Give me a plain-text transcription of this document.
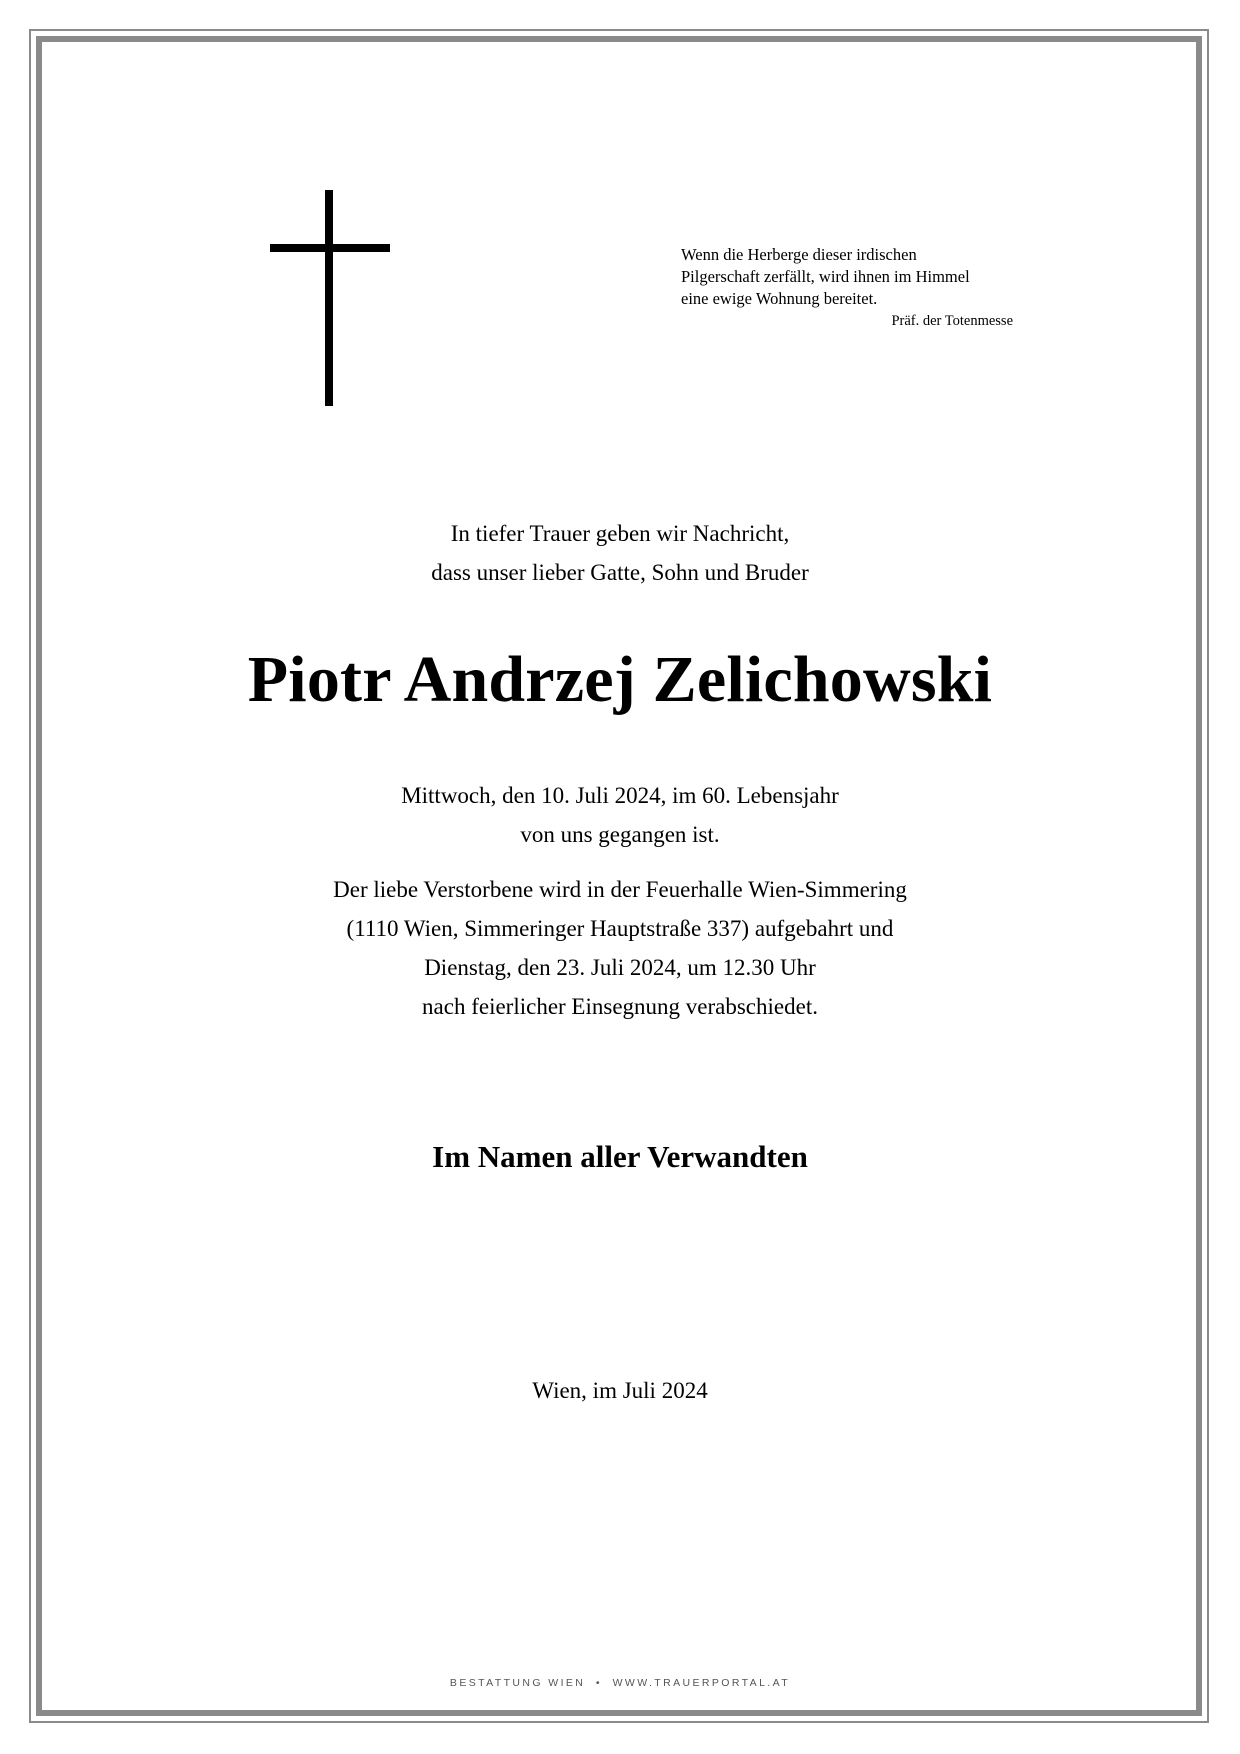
Wenn die Herberge dieser irdischen
Pilgerschaft zerfällt, wird ihnen im Himmel
eine ewige Wohnung bereitet.
Präf. der Totenmesse
In tiefer Trauer geben wir Nachricht,
dass unser lieber Gatte, Sohn und Bruder
Piotr Andrzej Zelichowski
Mittwoch, den 10. Juli 2024, im 60. Lebensjahr
von uns gegangen ist.
Der liebe Verstorbene wird in der Feuerhalle Wien-Simmering
(1110 Wien, Simmeringer Hauptstraße 337) aufgebahrt und
Dienstag, den 23. Juli 2024, um 12.30 Uhr
nach feierlicher Einsegnung verabschiedet.
Im Namen aller Verwandten
Wien, im Juli 2024
BESTATTUNG WIEN  •  WWW.TRAUERPORTAL.AT
